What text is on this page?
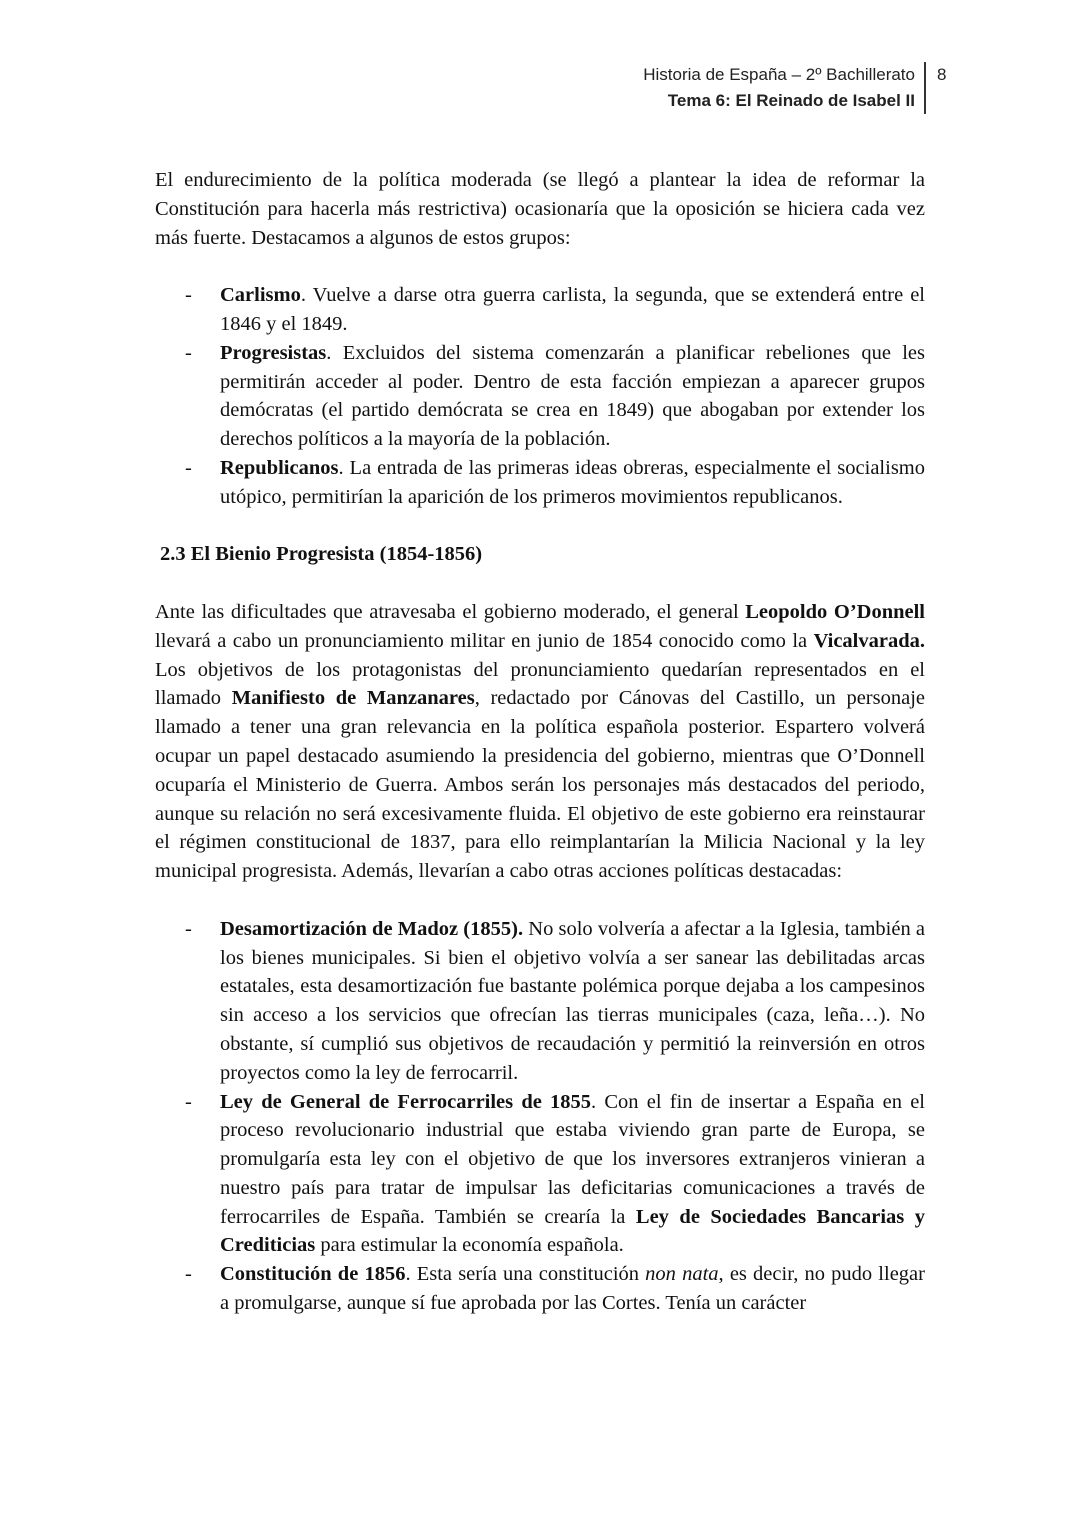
Historia de España – 2º Bachillerato
Tema 6: El Reinado de Isabel II
8

El endurecimiento de la política moderada (se llegó a plantear la idea de reformar la Constitución para hacerla más restrictiva) ocasionaría que la oposición se hiciera cada vez más fuerte. Destacamos a algunos de estos grupos:

- Carlismo. Vuelve a darse otra guerra carlista, la segunda, que se extenderá entre el 1846 y el 1849.
- Progresistas. Excluidos del sistema comenzarán a planificar rebeliones que les permitirán acceder al poder. Dentro de esta facción empiezan a aparecer grupos demócratas (el partido demócrata se crea en 1849) que abogaban por extender los derechos políticos a la mayoría de la población.
- Republicanos. La entrada de las primeras ideas obreras, especialmente el socialismo utópico, permitirían la aparición de los primeros movimientos republicanos.
2.3 El Bienio Progresista (1854-1856)

Ante las dificultades que atravesaba el gobierno moderado, el general Leopoldo O’Donnell llevará a cabo un pronunciamiento militar en junio de 1854 conocido como la Vicalvarada. Los objetivos de los protagonistas del pronunciamiento quedarían representados en el llamado Manifiesto de Manzanares, redactado por Cánovas del Castillo, un personaje llamado a tener una gran relevancia en la política española posterior. Espartero volverá ocupar un papel destacado asumiendo la presidencia del gobierno, mientras que O’Donnell ocuparía el Ministerio de Guerra. Ambos serán los personajes más destacados del periodo, aunque su relación no será excesivamente fluida. El objetivo de este gobierno era reinstaurar el régimen constitucional de 1837, para ello reimplantarían la Milicia Nacional y la ley municipal progresista. Además, llevarían a cabo otras acciones políticas destacadas:

- Desamortización de Madoz (1855). No solo volvería a afectar a la Iglesia, también a los bienes municipales. Si bien el objetivo volvía a ser sanear las debilitadas arcas estatales, esta desamortización fue bastante polémica porque dejaba a los campesinos sin acceso a los servicios que ofrecían las tierras municipales (caza, leña…). No obstante, sí cumplió sus objetivos de recaudación y permitió la reinversión en otros proyectos como la ley de ferrocarril.
- Ley de General de Ferrocarriles de 1855. Con el fin de insertar a España en el proceso revolucionario industrial que estaba viviendo gran parte de Europa, se promulgaría esta ley con el objetivo de que los inversores extranjeros vinieran a nuestro país para tratar de impulsar las deficitarias comunicaciones a través de ferrocarriles de España. También se crearía la Ley de Sociedades Bancarias y Crediticias para estimular la economía española.
- Constitución de 1856. Esta sería una constitución non nata, es decir, no pudo llegar a promulgarse, aunque sí fue aprobada por las Cortes. Tenía un carácter
